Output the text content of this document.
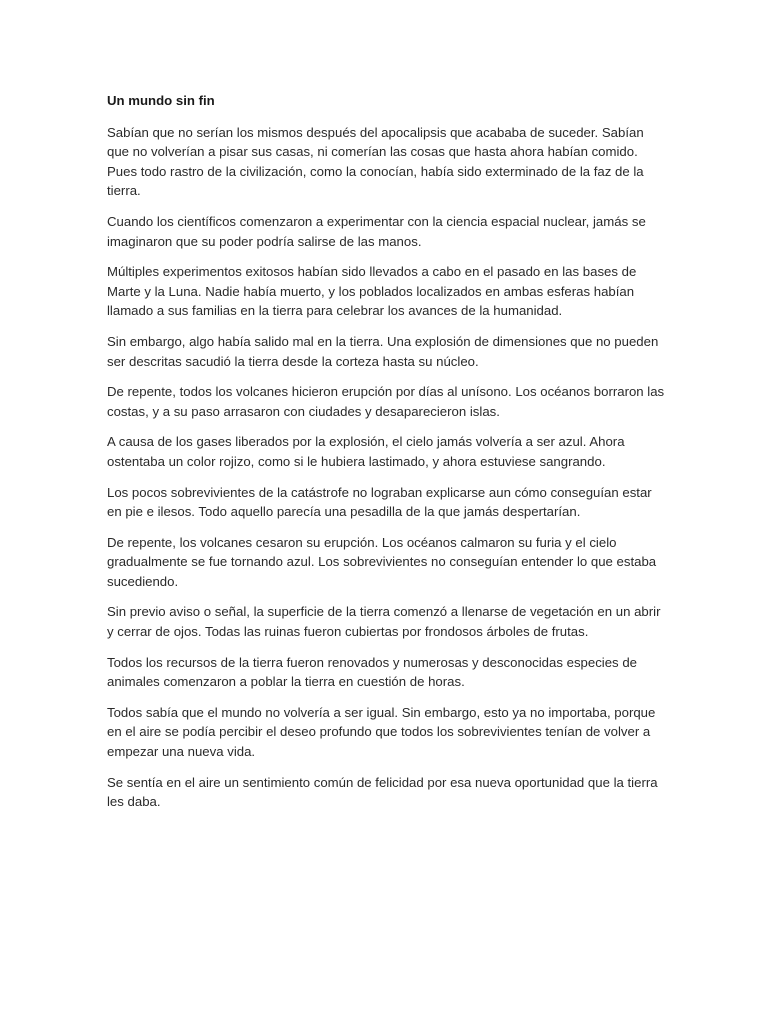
Un mundo sin fin

Sabían que no serían los mismos después del apocalipsis que acababa de suceder. Sabían que no volverían a pisar sus casas, ni comerían las cosas que hasta ahora habían comido. Pues todo rastro de la civilización, como la conocían, había sido exterminado de la faz de la tierra.

Cuando los científicos comenzaron a experimentar con la ciencia espacial nuclear, jamás se imaginaron que su poder podría salirse de las manos.

Múltiples experimentos exitosos habían sido llevados a cabo en el pasado en las bases de Marte y la Luna. Nadie había muerto, y los poblados localizados en ambas esferas habían llamado a sus familias en la tierra para celebrar los avances de la humanidad.

Sin embargo, algo había salido mal en la tierra. Una explosión de dimensiones que no pueden ser descritas sacudió la tierra desde la corteza hasta su núcleo.

De repente, todos los volcanes hicieron erupción por días al unísono. Los océanos borraron las costas, y a su paso arrasaron con ciudades y desaparecieron islas.

A causa de los gases liberados por la explosión, el cielo jamás volvería a ser azul. Ahora ostentaba un color rojizo, como si le hubiera lastimado, y ahora estuviese sangrando.

Los pocos sobrevivientes de la catástrofe no lograban explicarse aun cómo conseguían estar en pie e ilesos. Todo aquello parecía una pesadilla de la que jamás despertarían.

De repente, los volcanes cesaron su erupción. Los océanos calmaron su furia y el cielo gradualmente se fue tornando azul. Los sobrevivientes no conseguían entender lo que estaba sucediendo.

Sin previo aviso o señal, la superficie de la tierra comenzó a llenarse de vegetación en un abrir y cerrar de ojos. Todas las ruinas fueron cubiertas por frondosos árboles de frutas.

Todos los recursos de la tierra fueron renovados y numerosas y desconocidas especies de animales comenzaron a poblar la tierra en cuestión de horas.

Todos sabía que el mundo no volvería a ser igual. Sin embargo, esto ya no importaba, porque en el aire se podía percibir el deseo profundo que todos los sobrevivientes tenían de volver a empezar una nueva vida.

Se sentía en el aire un sentimiento común de felicidad por esa nueva oportunidad que la tierra les daba.
